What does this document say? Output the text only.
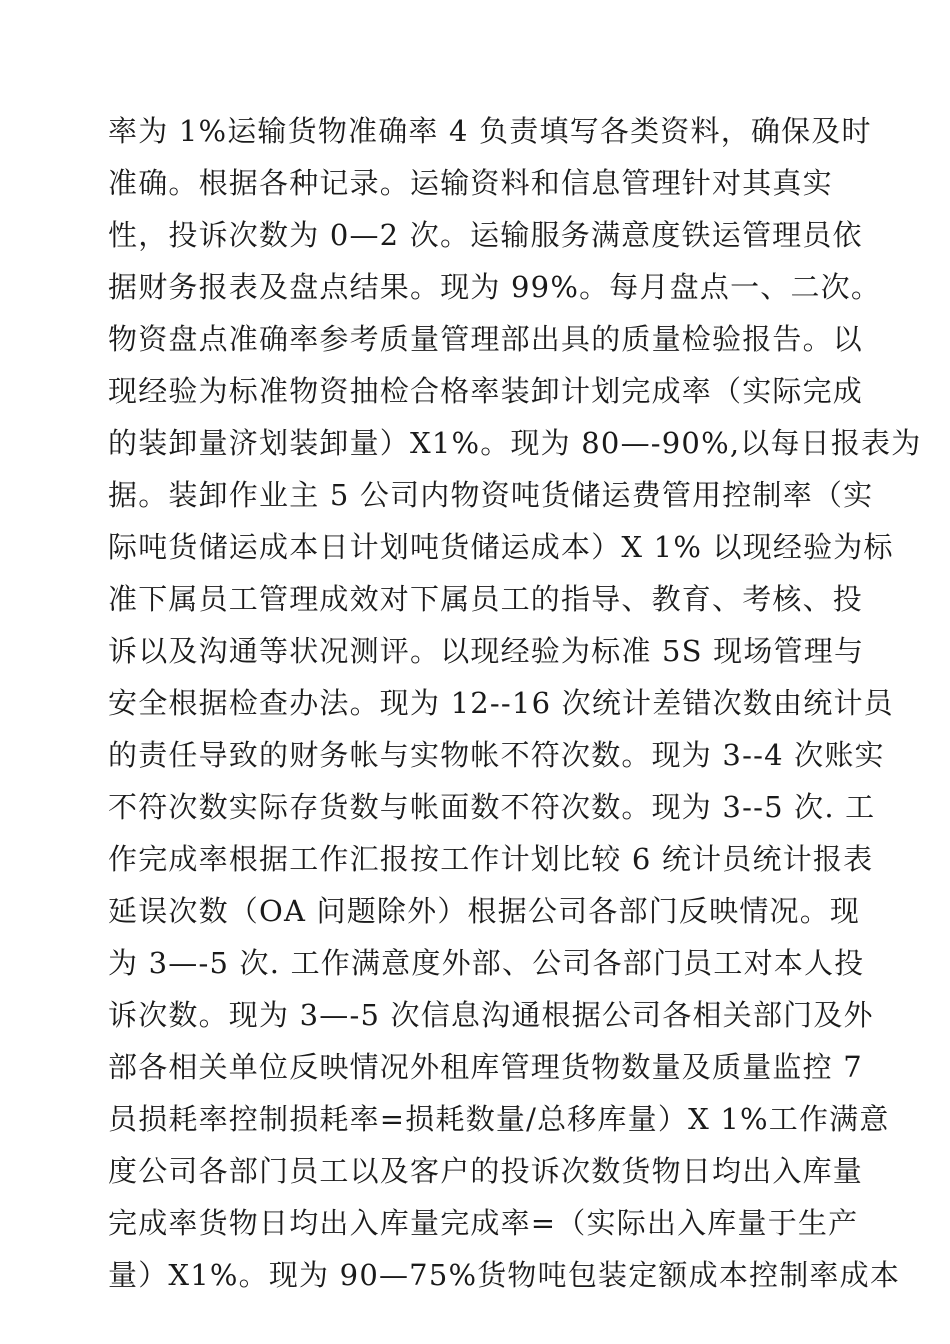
率为 1%运输货物准确率 4 负责填写各类资料，确保及时
准确。根据各种记录。运输资料和信息管理针对其真实
性，投诉次数为 0—2 次。运输服务满意度铁运管理员依
据财务报表及盘点结果。现为 99%。每月盘点一、二次。
物资盘点准确率参考质量管理部出具的质量检验报告。以
现经验为标准物资抽检合格率装卸计划完成率（实际完成
的装卸量济划装卸量）X1%。现为 80—-90%,以每日报表为
据。装卸作业主 5 公司内物资吨货储运费管用控制率（实
际吨货储运成本日计划吨货储运成本）X 1% 以现经验为标
准下属员工管理成效对下属员工的指导、教育、考核、投
诉以及沟通等状况测评。以现经验为标准 5S 现场管理与
安全根据检查办法。现为 12--16 次统计差错次数由统计员
的责任导致的财务帐与实物帐不符次数。现为 3--4 次账实
不符次数实际存货数与帐面数不符次数。现为 3--5 次. 工
作完成率根据工作汇报按工作计划比较 6 统计员统计报表
延误次数（OA 问题除外）根据公司各部门反映情况。现
为 3—-5 次. 工作满意度外部、公司各部门员工对本人投
诉次数。现为 3—-5 次信息沟通根据公司各相关部门及外
部各相关单位反映情况外租库管理货物数量及质量监控 7
员损耗率控制损耗率=损耗数量/总移库量）X 1%工作满意
度公司各部门员工以及客户的投诉次数货物日均出入库量
完成率货物日均出入库量完成率=（实际出入库量于生产
量）X1%。现为 90—75%货物吨包装定额成本控制率成本
